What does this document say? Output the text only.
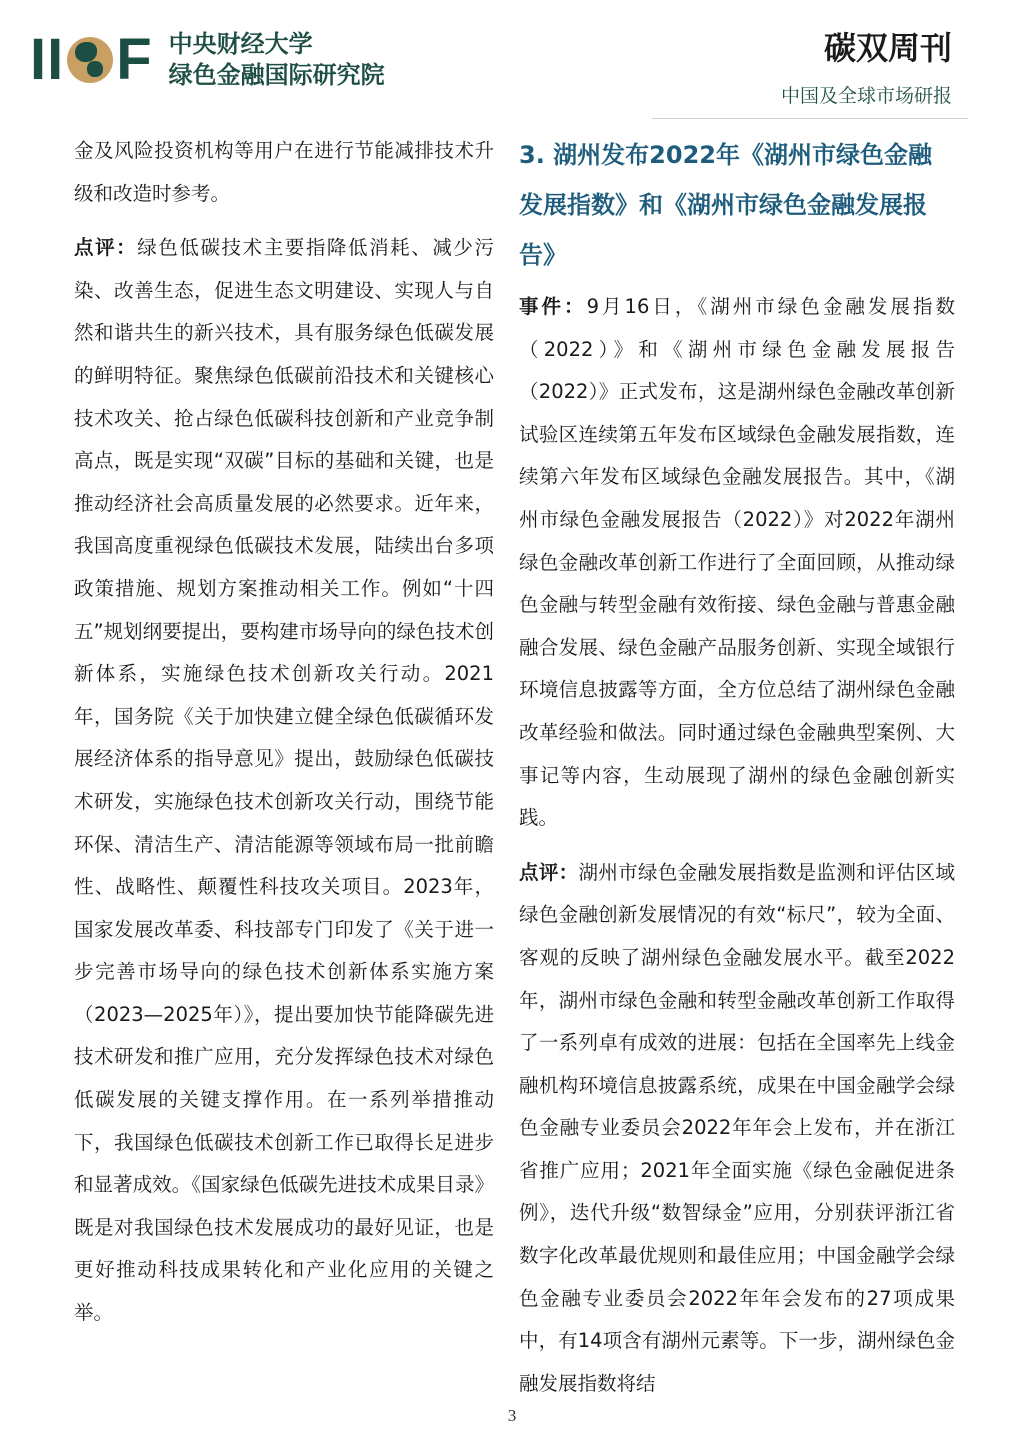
II F 中央财经大学
绿色金融国际研究院
碳双周刊
中国及全球市场研报

金及风险投资机构等用户在进行节能减排技术升级和改造时参考。

点评：绿色低碳技术主要指降低消耗、减少污染、改善生态，促进生态文明建设、实现人与自然和谐共生的新兴技术，具有服务绿色低碳发展的鲜明特征。聚焦绿色低碳前沿技术和关键核心技术攻关、抢占绿色低碳科技创新和产业竞争制高点，既是实现“双碳”目标的基础和关键，也是推动经济社会高质量发展的必然要求。近年来，我国高度重视绿色低碳技术发展，陆续出台多项政策措施、规划方案推动相关工作。例如“十四五”规划纲要提出，要构建市场导向的绿色技术创新体系，实施绿色技术创新攻关行动。2021年，国务院《关于加快建立健全绿色低碳循环发展经济体系的指导意见》提出，鼓励绿色低碳技术研发，实施绿色技术创新攻关行动，围绕节能环保、清洁生产、清洁能源等领域布局一批前瞻性、战略性、颠覆性科技攻关项目。2023年，国家发展改革委、科技部专门印发了《关于进一步完善市场导向的绿色技术创新体系实施方案（2023—2025年）》，提出要加快节能降碳先进技术研发和推广应用，充分发挥绿色技术对绿色低碳发展的关键支撑作用。在一系列举措推动下，我国绿色低碳技术创新工作已取得长足进步和显著成效。《国家绿色低碳先进技术成果目录》既是对我国绿色技术发展成功的最好见证，也是更好推动科技成果转化和产业化应用的关键之举。

3. 湖州发布2022年《湖州市绿色金融发展指数》和《湖州市绿色金融发展报告》

事件：9月16日，《湖州市绿色金融发展指数（2022）》和《湖州市绿色金融发展报告（2022）》正式发布，这是湖州绿色金融改革创新试验区连续第五年发布区域绿色金融发展指数，连续第六年发布区域绿色金融发展报告。其中，《湖州市绿色金融发展报告（2022）》对2022年湖州绿色金融改革创新工作进行了全面回顾，从推动绿色金融与转型金融有效衔接、绿色金融与普惠金融融合发展、绿色金融产品服务创新、实现全域银行环境信息披露等方面，全方位总结了湖州绿色金融改革经验和做法。同时通过绿色金融典型案例、大事记等内容，生动展现了湖州的绿色金融创新实践。

点评：湖州市绿色金融发展指数是监测和评估区域绿色金融创新发展情况的有效“标尺”，较为全面、客观的反映了湖州绿色金融发展水平。截至2022年，湖州市绿色金融和转型金融改革创新工作取得了一系列卓有成效的进展：包括在全国率先上线金融机构环境信息披露系统，成果在中国金融学会绿色金融专业委员会2022年年会上发布，并在浙江省推广应用；2021年全面实施《绿色金融促进条例》，迭代升级“数智绿金”应用，分别获评浙江省数字化改革最优规则和最佳应用；中国金融学会绿色金融专业委员会2022年年会发布的27项成果中，有14项含有湖州元素等。下一步，湖州绿色金融发展指数将结

3
